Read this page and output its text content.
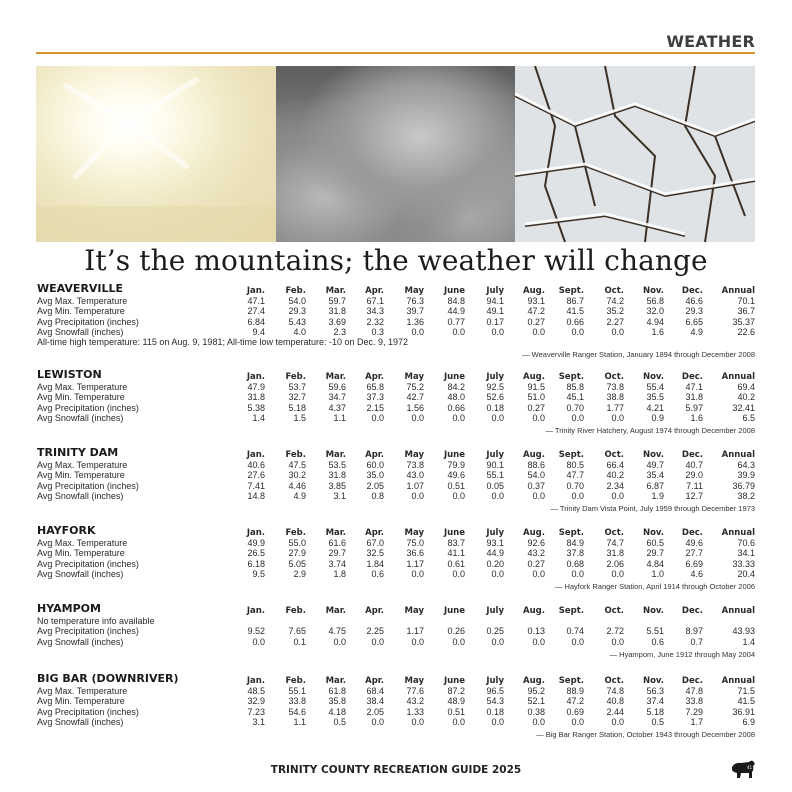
WEATHER
It’s the mountains; the weather will change
WEAVERVILLE	Jan.	Feb.	Mar.	Apr.	May	June	July	Aug.	Sept.	Oct.	Nov.	Dec.	Annual
Avg Max. Temperature	47.1	54.0	59.7	67.1	76.3	84.8	94.1	93.1	86.7	74.2	56.8	46.6	70.1
Avg Min. Temperature	27.4	29.3	31.8	34.3	39.7	44.9	49.1	47.2	41.5	35.2	32.0	29.3	36.7
Avg Precipitation (inches)	6.84	5.43	3.69	2.32	1.36	0.77	0.17	0.27	0.66	2.27	4.94	6.65	35.37
Avg Snowfall (inches)	9.4	4.0	2.3	0.3	0.0	0.0	0.0	0.0	0.0	0.0	1.6	4.9	22.6
All-time high temperature: 115 on Aug. 9, 1981; All-time low temperature: -10 on Dec. 9, 1972
— Weaverville Ranger Station, January 1894 through December 2008
LEWISTON	Jan.	Feb.	Mar.	Apr.	May	June	July	Aug.	Sept.	Oct.	Nov.	Dec.	Annual
Avg Max. Temperature	47.9	53.7	59.6	65.8	75.2	84.2	92.5	91.5	85.8	73.8	55.4	47.1	69.4
Avg Min. Temperature	31.8	32.7	34.7	37.3	42.7	48.0	52.6	51.0	45.1	38.8	35.5	31.8	40.2
Avg Precipitation (inches)	5.38	5.18	4.37	2.15	1.56	0.66	0.18	0.27	0.70	1.77	4.21	5.97	32.41
Avg Snowfall (inches)	1.4	1.5	1.1	0.0	0.0	0.0	0.0	0.0	0.0	0.0	0.9	1.6	6.5
— Trinity River Hatchery, August 1974 through December 2008
TRINITY DAM	Jan.	Feb.	Mar.	Apr.	May	June	July	Aug.	Sept.	Oct.	Nov.	Dec.	Annual
Avg Max. Temperature	40.6	47.5	53.5	60.0	73.8	79.9	90.1	88.6	80.5	66.4	49.7	40.7	64.3
Avg Min. Temperature	27.6	30.2	31.8	35.0	43.0	49.6	55.1	54.0	47.7	40.2	35.4	29.0	39.9
Avg Precipitation (inches)	7.41	4.46	3.85	2.05	1.07	0.51	0.05	0.37	0.70	2.34	6.87	7.11	36.79
Avg Snowfall (inches)	14.8	4.9	3.1	0.8	0.0	0.0	0.0	0.0	0.0	0.0	1.9	12.7	38.2
— Trinity Dam Vista Point, July 1959 through December 1973
HAYFORK	Jan.	Feb.	Mar.	Apr.	May	June	July	Aug.	Sept.	Oct.	Nov.	Dec.	Annual
Avg Max. Temperature	49.9	55.0	61.6	67.0	75.0	83.7	93.1	92.6	84.9	74.7	60.5	49.6	70.6
Avg Min. Temperature	26.5	27.9	29.7	32.5	36.6	41.1	44.9	43.2	37.8	31.8	29.7	27.7	34.1
Avg Precipitation (inches)	6.18	5.05	3.74	1.84	1.17	0.61	0.20	0.27	0.68	2.06	4.84	6.69	33.33
Avg Snowfall (inches)	9.5	2.9	1.8	0.6	0.0	0.0	0.0	0.0	0.0	0.0	1.0	4.6	20.4
— Hayfork Ranger Station, April 1914 through October 2006
HYAMPOM	Jan.	Feb.	Mar.	Apr.	May	June	July	Aug.	Sept.	Oct.	Nov.	Dec.	Annual
No temperature info available
Avg Precipitation (inches)	9.52	7.65	4.75	2.25	1.17	0.26	0.25	0.13	0.74	2.72	5.51	8.97	43.93
Avg Snowfall (inches)	0.0	0.1	0.0	0.0	0.0	0.0	0.0	0.0	0.0	0.0	0.6	0.7	1.4
— Hyampom, June 1912 through May 2004
BIG BAR (DOWNRIVER)	Jan.	Feb.	Mar.	Apr.	May	June	July	Aug.	Sept.	Oct.	Nov.	Dec.	Annual
Avg Max. Temperature	48.5	55.1	61.8	68.4	77.6	87.2	96.5	95.2	88.9	74.8	56.3	47.8	71.5
Avg Min. Temperature	32.9	33.8	35.8	38.4	43.2	48.9	54.3	52.1	47.2	40.8	37.4	33.8	41.5
Avg Precipitation (inches)	7.23	54.6	4.18	2.05	1.33	0.51	0.18	0.38	0.69	2.44	5.18	7.29	36.91
Avg Snowfall (inches)	3.1	1.1	0.5	0.0	0.0	0.0	0.0	0.0	0.0	0.0	0.5	1.7	6.9
— Big Bar Ranger Station, October 1943 through December 2008
TRINITY COUNTY RECREATION GUIDE 2025	41
